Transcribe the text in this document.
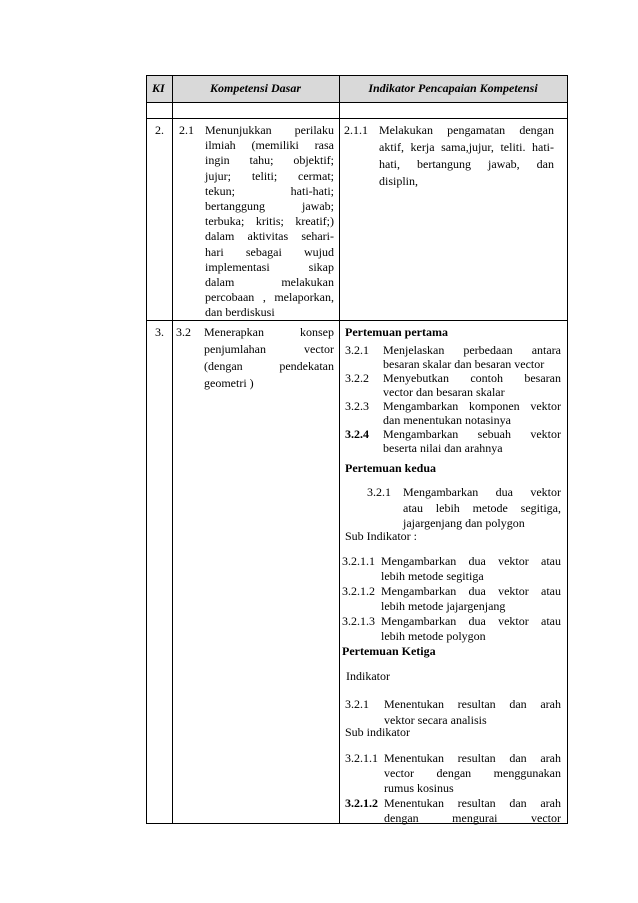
KI	Kompetensi Dasar	Indikator Pencapaian Kompetensi
2. 2.1 Menunjukkan perilaku
ilmiah (memiliki rasa
ingin tahu; objektif;
jujur; teliti; cermat;
tekun; hati-hati;
bertanggung jawab;
terbuka; kritis; kreatif;)
dalam aktivitas sehari-
hari sebagai wujud
implementasi sikap
dalam melakukan
percobaan , melaporkan,
dan berdiskusi
2.1.1 Melakukan pengamatan dengan
aktif, kerja sama,jujur, teliti. hati-
hati, bertangung jawab, dan
disiplin,
3. 3.2 Menerapkan konsep
penjumlahan vector
(dengan pendekatan
geometri )
Pertemuan pertama
3.2.1 Menjelaskan perbedaan antara
besaran skalar dan besaran vector
3.2.2 Menyebutkan contoh besaran
vector dan besaran skalar
3.2.3 Mengambarkan komponen vektor
dan menentukan notasinya
3.2.4 Mengambarkan sebuah vektor
beserta nilai dan arahnya
Pertemuan kedua
3.2.1 Mengambarkan dua vektor
atau lebih metode segitiga,
jajargenjang dan polygon
Sub Indikator :
3.2.1.1 Mengambarkan dua vektor atau
lebih metode segitiga
3.2.1.2 Mengambarkan dua vektor atau
lebih metode jajargenjang
3.2.1.3 Mengambarkan dua vektor atau
lebih metode polygon
Pertemuan Ketiga
Indikator
3.2.1 Menentukan resultan dan arah
vektor secara analisis
Sub indikator
3.2.1.1 Menentukan resultan dan arah
vector dengan menggunakan
rumus kosinus
3.2.1.2 Menentukan resultan dan arah
dengan mengurai vector
